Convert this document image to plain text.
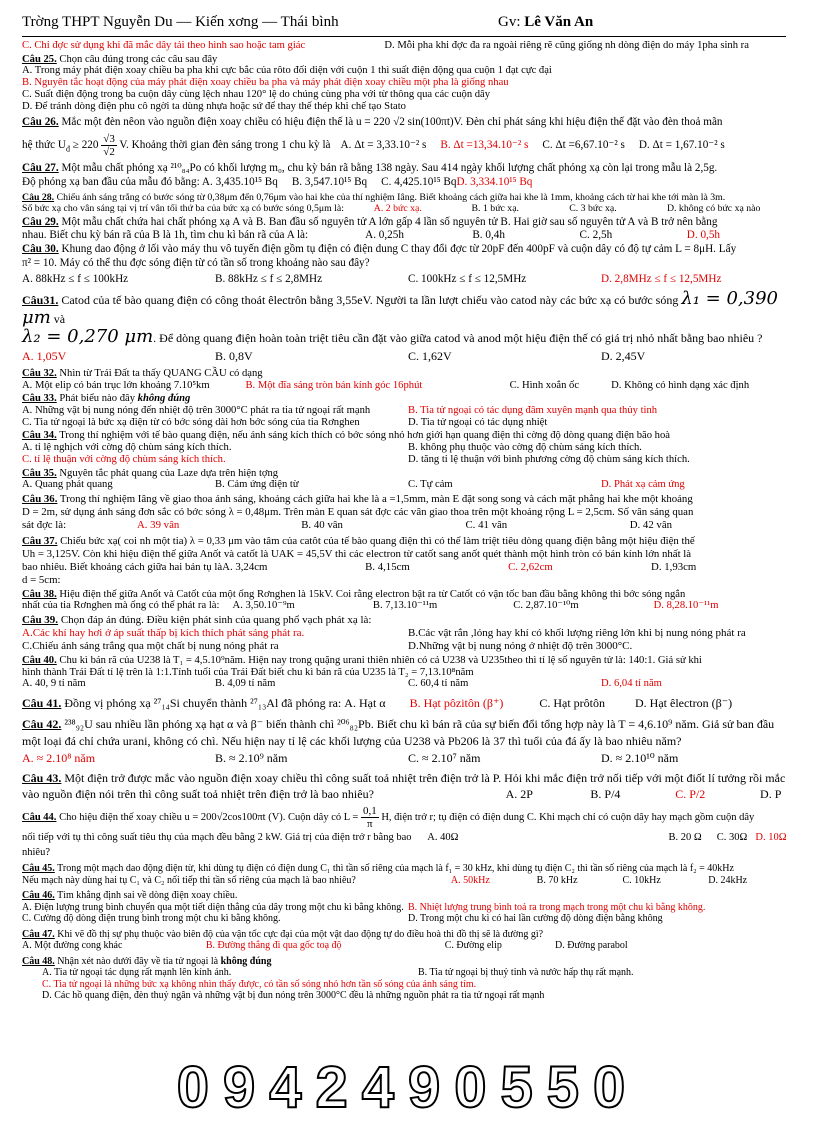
Trờng THPT Nguyễn Du — Kiến xơng — Thái bình	Gv: Lê Văn An
C. Chỉ đợc sử dụng khi đã mắc dây tải theo hình sao hoặc tam giác	D. Mỗi pha khi đợc đa ra ngoài riêng rẽ cũng giống nh dòng điện do máy 1pha sinh ra
Câu 25. Chọn câu đúng trong các câu sau đây
A. Trong máy phát điện xoay chiều ba pha khi cực bắc của rôto đối diện với cuộn 1 thì suất điện động qua cuộn 1 đạt cực đại
B. Nguyên tắc hoạt động của máy phát điện xoay chiều ba pha và máy phát điện xoay chiều một pha là giống nhau
C. Suất điện động trong ba cuộn dây cùng lệch nhau 120° lệ do chúng cùng pha với từ thông qua các cuộn dây
D. Để tránh dòng điện phu cô ngời ta dùng nhựa hoặc sứ để thay thế thép khi chế tạo Stato
Câu 26. Mắc một đèn nêon vào nguồn điện xoay chiều có hiệu điện thế là u = 220 √2 sin(100πt)V. Đèn chỉ phát sáng khi hiệu điện thế đặt vào đèn thoả mãn
hệ thức $U_đ \ge 220 \frac{√3}{√2} V$. Khoảng thời gian đèn sáng trong 1 chu kỳ là A. Δt = 3,33.10⁻² s B. Δt =13,34.10⁻² s C. Δt =6,67.10⁻² s D. Δt = 1,67.10⁻² s
Câu 27. Một mẫu chất phóng xạ ²¹⁰₈₄Po có khối lượng m₀, chu kỳ bán rã bằng 138 ngày. Sau 414 ngày khối lượng chất phóng xạ còn lại trong mẫu là 2,5g.
Độ phóng xạ ban đầu của mẫu đó bằng: A. 3,435.10¹⁵ Bq B. 3,547.10¹⁵ Bq C. 4,425.10¹⁵ BqD. 3,334.10¹⁵ Bq
Câu 28. Chiếu ánh sáng trắng có bước sóng từ 0,38μm đến 0,76μm vào hai khe của thí nghiệm Iâng. Biết khoảng cách giữa hai khe là 1mm, khoảng cách từ hai khe tới màn là 3m.
Số bức xạ cho vân sáng tại vị trí vân tối thứ ba của bức xạ có bước sóng 0,5μm là:	A. 2 bức xạ.	B. 1 bức xạ.	C. 3 bức xạ.	D. không có bức xạ nào
Câu 29. Một mẫu chất chứa hai chất phóng xạ A và B. Ban đầu số nguyên tử A lớn gấp 4 lần số nguyên tử B. Hai giờ sau số nguyên tử A và B trở nên bằng
nhau. Biết chu kỳ bán rã của B là 1h, tìm chu kì bán rã của A là:	A. 0,25h	B. 0,4h	C. 2,5h	D. 0,5h
Câu 30. Khung dao động ở lối vào máy thu vô tuyến điện gồm tụ điện có điện dung C thay đổi đợc từ 20pF đến 400pF và cuộn dây có độ tự cảm L = 8μH. Lấy
π² = 10. Máy có thể thu đợc sóng điện từ có tần số trong khoảng nào sau đây?
A. 88kHz ≤ f ≤ 100kHz	B. 88kHz ≤ f ≤ 2,8MHz	C. 100kHz ≤ f ≤ 12,5MHz	D. 2,8MHz ≤ f ≤ 12,5MHz
Câu31. Catod của tế bào quang điện có công thoát êlectrôn bằng 3,55eV. Người ta lần lượt chiếu vào catod này các bức xạ có bước sóng λ₁ = 0,390 μm và
λ₂ = 0,270 μm. Để dòng quang điện hoàn toàn triệt tiêu cần đặt vào giữa catod và anod một hiệu điện thế có giá trị nhỏ nhất bằng bao nhiêu ?
A. 1,05V	B. 0,8V	C. 1,62V	D. 2,45V
Câu 32. Nhìn từ Trái Đất ta thấy QUANG CẦU có dạng
A. Một elip có bán trục lớn khoảng 7.10⁵km	B. Một đĩa sáng tròn bán kính góc 16phút	C. Hình xoắn ốc	D. Không có hình dạng xác định
Câu 33. Phát biểu nào đây không đúng
A. Những vật bị nung nóng đến nhiệt độ trên 3000°C phát ra tia tử ngoại rất mạnh	B. Tia tử ngoại có tác dụng đâm xuyên mạnh qua thủy tinh
C. Tia tử ngoại là bức xạ điện từ có bớc sóng dài hơn bớc sóng của tia Rơnghen	D. Tia tử ngoại có tác dụng nhiệt
Câu 34. Trong thí nghiệm với tế bào quang điện, nếu ánh sáng kích thích có bớc sóng nhỏ hơn giới hạn quang điện thì cờng độ dòng quang điện bão hoà
A. tỉ lệ nghịch với cờng độ chùm sáng kích thích.	B. không phụ thuộc vào cờng độ chùm sáng kích thích.
C. tỉ lệ thuận với cờng độ chùm sáng kích thích.	D. tăng tỉ lệ thuận với bình phương cờng độ chùm sáng kích thích.
Câu 35. Nguyên tắc phát quang của Laze dựa trên hiện tợng
A. Quang phát quang	B. Cảm ứng điện từ	C. Tự cảm	D. Phát xạ cảm ứng
Câu 36. Trong thí nghiệm Iâng về giao thoa ánh sáng, khoảng cách giữa hai khe là a =1,5mm, màn E đặt song song và cách mặt phẳng hai khe một khoảng
D = 2m, sử dụng ánh sáng đơn sắc có bớc sóng λ = 0,48μm. Trên màn E quan sát đợc các vân giao thoa trên một khoảng rộng L = 2,5cm. Số vân sáng quan
sát đợc là:	A. 39 vân	B. 40 vân	C. 41 vân	D. 42 vân
Câu 37. Chiếu bức xạ( coi nh một tia) λ = 0,33 μm vào tâm của catôt của tế bào quang điện thì có thể làm triệt tiêu dòng quang điện bằng một hiệu điện thế
Uh = 3,125V. Còn khi hiệu điện thế giữa Anốt và catốt là UAK = 45,5V thì các electron từ catốt sang anốt quét thành một hình tròn có bán kính lớn nhất là
bao nhiêu. Biết khoảng cách giữa hai bản tụ là d = 5cm:
A. 3,24cm	B. 4,15cm	C. 2,62cm	D. 1,93cm
Câu 38. Hiệu điện thế giữa Anốt và Catốt của một ống Rơnghen là 15kV. Coi rằng electron bật ra từ Catốt có vận tốc ban đầu bằng không thì bớc sóng ngắn
nhất của tia Rơnghen mà ống có thể phát ra là:	A. 3,50.10⁻⁹m	B. 7,13.10⁻¹¹m	C. 2,87.10⁻¹⁰m	D. 8,28.10⁻¹¹m
Câu 39. Chọn đáp án đúng. Điều kiện phát sinh của quang phổ vạch phát xạ là:
A.Các khí hay hơi ở áp suất thấp bị kích thích phát sáng phát ra.	B.Các vật rắn ,lỏng hay khí có khối lượng riêng lớn khi bị nung nóng phát ra
C.Chiếu ánh sáng trắng qua một chất bị nung nóng phát ra	D.Những vật bị nung nóng ở nhiệt độ trên 3000°C.
Câu 40. Chu kì bán rã của U238 là T₁ = 4,5.10⁹năm. Hiện nay trong quặng urani thiên nhiên có cả U238 và U235theo thì tỉ lệ số nguyên tử là: 140:1. Giả sử khi
hình thành Trái Đất tỉ lệ trên là 1:1.Tính tuổi của Trái Đất biết chu kì bán rã của U235 là T₂ = 7,13.10⁸năm
A. 40, 9 tỉ năm	B. 4,09 tỉ năm	C. 60,4 tỉ năm	D. 6,04 tỉ năm
Câu 41. Đồng vị phóng xạ ²⁷₁₄Si chuyển thành ²⁷₁₃Al đã phóng ra: A. Hạt α B. Hạt pôzitôn (β⁺)	C. Hạt prôtôn	D. Hạt êlectron (β⁻)
Câu 42. ²³⁸₉₂U sau nhiều lần phóng xạ hạt α và β⁻ biến thành chì ²⁰⁶₈₂Pb. Biết chu kì bán rã của sự biến đổi tổng hợp này là T = 4,6.10⁹ năm. Giả sử ban đầu
một loại đá chỉ chứa urani, không có chì. Nếu hiện nay tỉ lệ các khối lượng của U238 và Pb206 là 37 thì tuổi của đá ấy là bao nhiêu năm?
A. ≈ 2.10⁸ năm	B. ≈ 2.10⁹ năm	C. ≈ 2.10⁷ năm	D. ≈ 2.10¹⁰ năm
Câu 43. Một điện trở được mắc vào nguồn điện xoay chiều thì công suất toả nhiệt trên điện trở là P. Hỏi khi mắc điện trở nối tiếp với một điốt lí tưởng rồi mắc
vào nguồn điện nói trên thì công suất toả nhiệt trên điện trở là bao nhiêu?	A. 2P	B. P/4	C. P/2	D. P
Câu 44. Cho hiệu điện thế xoay chiều u = 200√2cos100πt (V). Cuộn dây có $L = \frac{0,1}{\pi} H$, điện trở r; tụ điện có điện dung C. Khi mạch chỉ có cuộn dây hay mạch gồm cuộn dây
nối tiếp với tụ thì công suất tiêu thụ của mạch đều bằng 2 kW. Giá trị của điện trở r bằng bao nhiêu?
A. 40Ω	B. 20 Ω	C. 30Ω D. 10Ω
Câu 45. Trong một mạch dao động điện từ, khi dùng tụ điện có điện dung C₁ thì tần số riêng của mạch là f₁ = 30 kHz, khi dùng tụ điện C₂ thì tần số riêng của mạch là f₂ = 40kHz
Nếu mạch này dùng hai tụ C₁ và C₂ nối tiếp thì tần số riêng của mạch là bao nhiêu?	A. 50kHz	B. 70 kHz	C. 10kHz	D. 24kHz
Câu 46. Tìm khẳng định sai về dòng điện xoay chiều.
A. Điện lượng trung bình chuyển qua một tiết diện thẳng của dây trong một chu kì bằng không. B. Nhiệt lượng trung bình toả ra trong mạch trong một chu kì bằng không.
C. Cường độ dòng điện trung bình trong một chu kì bằng không.	D. Trong một chu kì có hai lần cường độ dòng điện bằng không
Câu 47. Khi vẽ đồ thị sự phụ thuộc vào biên độ của vận tốc cực đại của một vật dao động tự do điều hoà thì đồ thị sẽ là đường gì?
A. Một đường cong khác	B. Đường thẳng đi qua gốc toạ độ	C. Đường elip	D. Đường parabol
Câu 48. Nhận xét nào dưới đây về tia tử ngoại là không đúng
A. Tia tử ngoại tác dụng rất mạnh lên kính ảnh.	B. Tia tử ngoại bị thuỷ tinh và nước hấp thụ rất mạnh.
C. Tia tử ngoại là những bức xạ không nhìn thấy được, có tần số sóng nhỏ hơn tần số sóng của ánh sáng tím.
D. Các hồ quang điện, đèn thuỷ ngân và những vật bị đun nóng trên 3000°C đều là những nguồn phát ra tia tử ngoại rất mạnh
0942490550
